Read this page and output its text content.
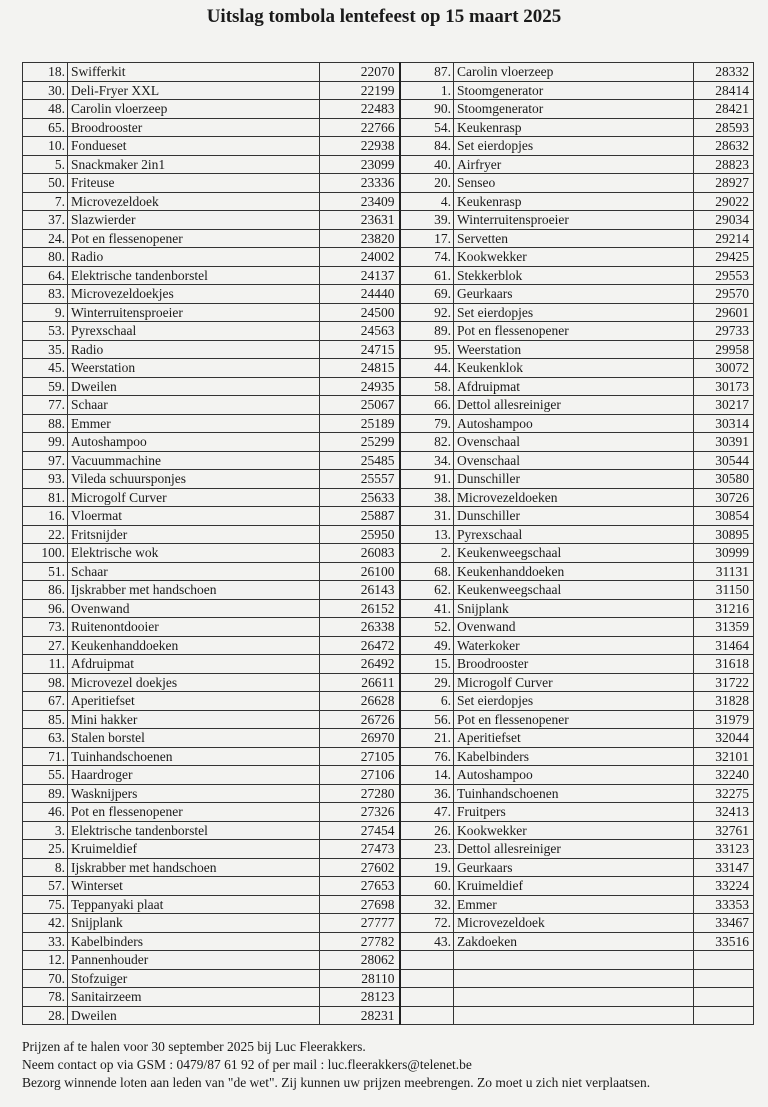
Uitslag tombola lentefeest op 15 maart 2025
18.	Swifferkit	22070
30.	Deli-Fryer XXL	22199
48.	Carolin vloerzeep	22483
65.	Broodrooster	22766
10.	Fondueset	22938
5.	Snackmaker 2in1	23099
50.	Friteuse	23336
7.	Microvezeldoek	23409
37.	Slazwierder	23631
24.	Pot en flessenopener	23820
80.	Radio	24002
64.	Elektrische tandenborstel	24137
83.	Microvezeldoekjes	24440
9.	Winterruitensproeier	24500
53.	Pyrexschaal	24563
35.	Radio	24715
45.	Weerstation	24815
59.	Dweilen	24935
77.	Schaar	25067
88.	Emmer	25189
99.	Autoshampoo	25299
97.	Vacuummachine	25485
93.	Vileda schuursponjes	25557
81.	Microgolf Curver	25633
16.	Vloermat	25887
22.	Fritsnijder	25950
100.	Elektrische wok	26083
51.	Schaar	26100
86.	Ijskrabber met handschoen	26143
96.	Ovenwand	26152
73.	Ruitenontdooier	26338
27.	Keukenhanddoeken	26472
11.	Afdruipmat	26492
98.	Microvezel doekjes	26611
67.	Aperitiefset	26628
85.	Mini hakker	26726
63.	Stalen borstel	26970
71.	Tuinhandschoenen	27105
55.	Haardroger	27106
89.	Wasknijpers	27280
46.	Pot en flessenopener	27326
3.	Elektrische tandenborstel	27454
25.	Kruimeldief	27473
8.	Ijskrabber met handschoen	27602
57.	Winterset	27653
75.	Teppanyaki plaat	27698
42.	Snijplank	27777
33.	Kabelbinders	27782
12.	Pannenhouder	28062
70.	Stofzuiger	28110
78.	Sanitairzeem	28123
28.	Dweilen	28231
87.	Carolin vloerzeep	28332
1.	Stoomgenerator	28414
90.	Stoomgenerator	28421
54.	Keukenrasp	28593
84.	Set eierdopjes	28632
40.	Airfryer	28823
20.	Senseo	28927
4.	Keukenrasp	29022
39.	Winterruitensproeier	29034
17.	Servetten	29214
74.	Kookwekker	29425
61.	Stekkerblok	29553
69.	Geurkaars	29570
92.	Set eierdopjes	29601
89.	Pot en flessenopener	29733
95.	Weerstation	29958
44.	Keukenklok	30072
58.	Afdruipmat	30173
66.	Dettol allesreiniger	30217
79.	Autoshampoo	30314
82.	Ovenschaal	30391
34.	Ovenschaal	30544
91.	Dunschiller	30580
38.	Microvezeldoeken	30726
31.	Dunschiller	30854
13.	Pyrexschaal	30895
2.	Keukenweegschaal	30999
68.	Keukenhanddoeken	31131
62.	Keukenweegschaal	31150
41.	Snijplank	31216
52.	Ovenwand	31359
49.	Waterkoker	31464
15.	Broodrooster	31618
29.	Microgolf Curver	31722
6.	Set eierdopjes	31828
56.	Pot en flessenopener	31979
21.	Aperitiefset	32044
76.	Kabelbinders	32101
14.	Autoshampoo	32240
36.	Tuinhandschoenen	32275
47.	Fruitpers	32413
26.	Kookwekker	32761
23.	Dettol allesreiniger	33123
19.	Geurkaars	33147
60.	Kruimeldief	33224
32.	Emmer	33353
72.	Microvezeldoek	33467
43.	Zakdoeken	33516

Prijzen af te halen voor 30 september 2025 bij Luc Fleerakkers.
Neem contact op via GSM : 0479/87 61 92 of per mail : luc.fleerakkers@telenet.be
Bezorg winnende loten aan leden van "de wet". Zij kunnen uw prijzen meebrengen. Zo moet u zich niet verplaatsen.
